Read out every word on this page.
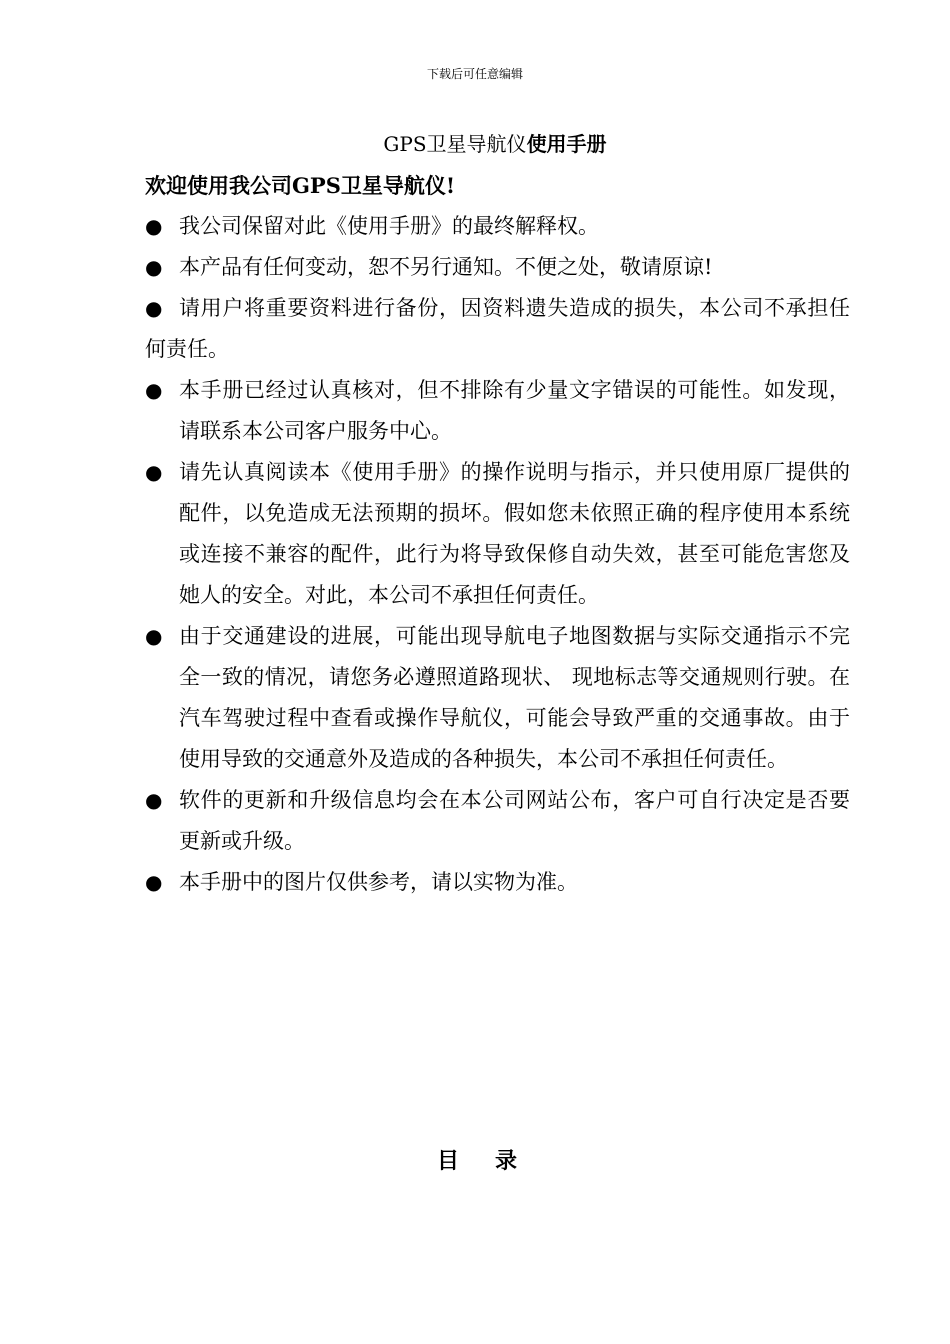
下载后可任意编辑
GPS卫星导航仪使用手册

欢迎使用我公司GPS卫星导航仪!

● 我公司保留对此《使用手册》的最终解释权。
● 本产品有任何变动，恕不另行通知。不便之处，敬请原谅!
● 请用户将重要资料进行备份，因资料遗失造成的损失，本公司不承担任何责任。
● 本手册已经过认真核对，但不排除有少量文字错误的可能性。如发现，请联系本公司客户服务中心。
● 请先认真阅读本《使用手册》的操作说明与指示，并只使用原厂提供的配件，以免造成无法预期的损坏。假如您未依照正确的程序使用本系统或连接不兼容的配件，此行为将导致保修自动失效，甚至可能危害您及她人的安全。对此，本公司不承担任何责任。
● 由于交通建设的进展，可能出现导航电子地图数据与实际交通指示不完全一致的情况，请您务必遵照道路现状、 现地标志等交通规则行驶。在汽车驾驶过程中查看或操作导航仪，可能会导致严重的交通事故。由于使用导致的交通意外及造成的各种损失，本公司不承担任何责任。
● 软件的更新和升级信息均会在本公司网站公布，客户可自行决定是否要更新或升级。
● 本手册中的图片仅供参考，请以实物为准。
目录
